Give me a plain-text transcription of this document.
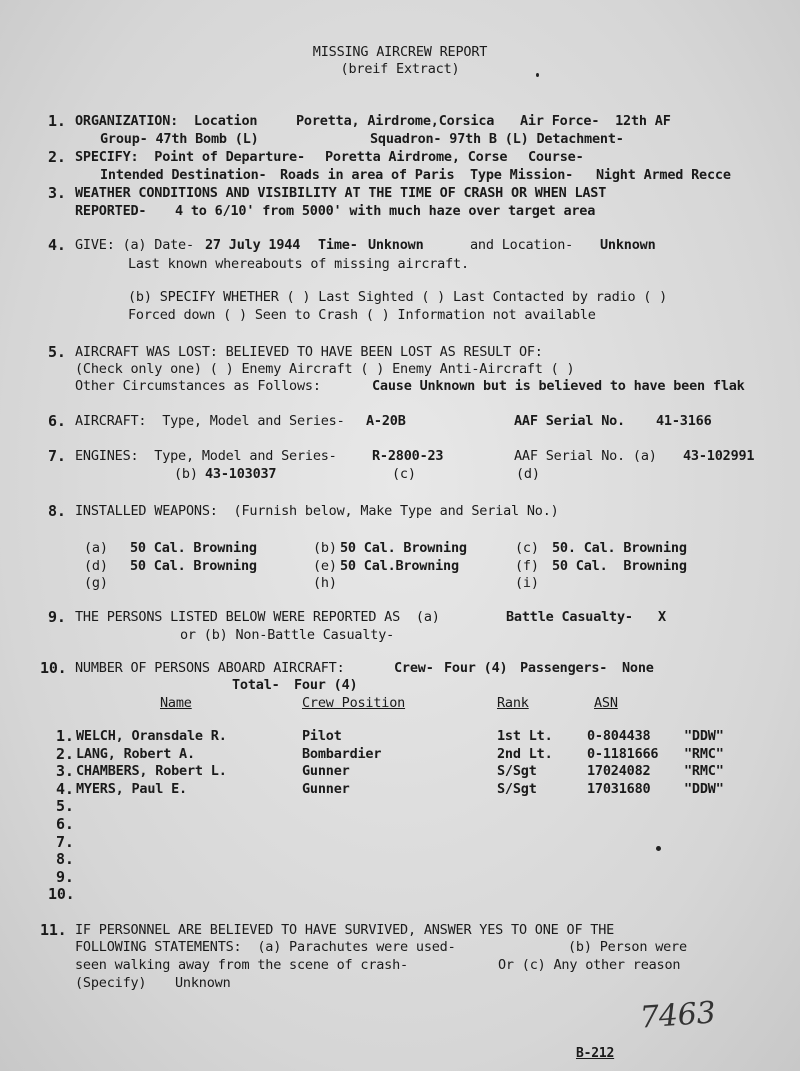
MISSING AIRCREW REPORT
(breif Extract)
1. ORGANIZATION:  Location	Poretta, Airdrome,Corsica Air Force-  12th AF
Group- 47th Bomb (L)	Squadron- 97th B (L) Detachment-
2. SPECIFY:  Point of Departure- Poretta Airdrome, Corse Course-
Intended Destination- Roads in area of Paris Type Mission- Night Armed Recce
3. WEATHER CONDITIONS AND VISIBILITY AT THE TIME OF CRASH OR WHEN LAST
REPORTED- 4 to 6/10' from 5000' with much haze over target area
4. GIVE: (a) Date- 27 July 1944 Time- Unknown	and Location- Unknown
Last known whereabouts of missing aircraft.
(b) SPECIFY WHETHER ( ) Last Sighted ( ) Last Contacted by radio ( )
Forced down ( ) Seen to Crash ( ) Information not available
5. AIRCRAFT WAS LOST: BELIEVED TO HAVE BEEN LOST AS RESULT OF:
(Check only one) ( ) Enemy Aircraft ( ) Enemy Anti-Aircraft ( )
Other Circumstances as Follows:	Cause Unknown but is believed to have been flak
6. AIRCRAFT:  Type, Model and Series- A-20B	AAF Serial No. 41-3166
7. ENGINES:  Type, Model and Series-	R-2800-23	AAF Serial No. (a) 43-102991
(b) 43-103037	(c)	(d)
8. INSTALLED WEAPONS:  (Furnish below, Make Type and Serial No.)
(a) 50 Cal. Browning	(b) 50 Cal. Browning	(c) 50. Cal. Browning
(d) 50 Cal. Browning	(e) 50 Cal.Browning	(f) 50 Cal.  Browning
(g)	(h)	(i)
9. THE PERSONS LISTED BELOW WERE REPORTED AS  (a)	Battle Casualty- X
or (b) Non-Battle Casualty-
10. NUMBER OF PERSONS ABOARD AIRCRAFT:	Crew- Four (4) Passengers- None
Total- Four (4)
Name	Crew Position	Rank	ASN
1. WELCH, Oransdale R.	Pilot	1st Lt.	0-804438 "DDW"
2. LANG, Robert A.	Bombardier	2nd Lt.	0-1181666 "RMC"
3. CHAMBERS, Robert L.	Gunner	S/Sgt	17024082 "RMC"
4. MYERS, Paul E.	Gunner	S/Sgt	17031680 "DDW"
5.
6.
7.
8.
9.
10.
11. IF PERSONNEL ARE BELIEVED TO HAVE SURVIVED, ANSWER YES TO ONE OF THE
FOLLOWING STATEMENTS:  (a) Parachutes were used-	(b) Person were
seen walking away from the scene of crash-	Or (c) Any other reason
(Specify) Unknown
7463
B-212
